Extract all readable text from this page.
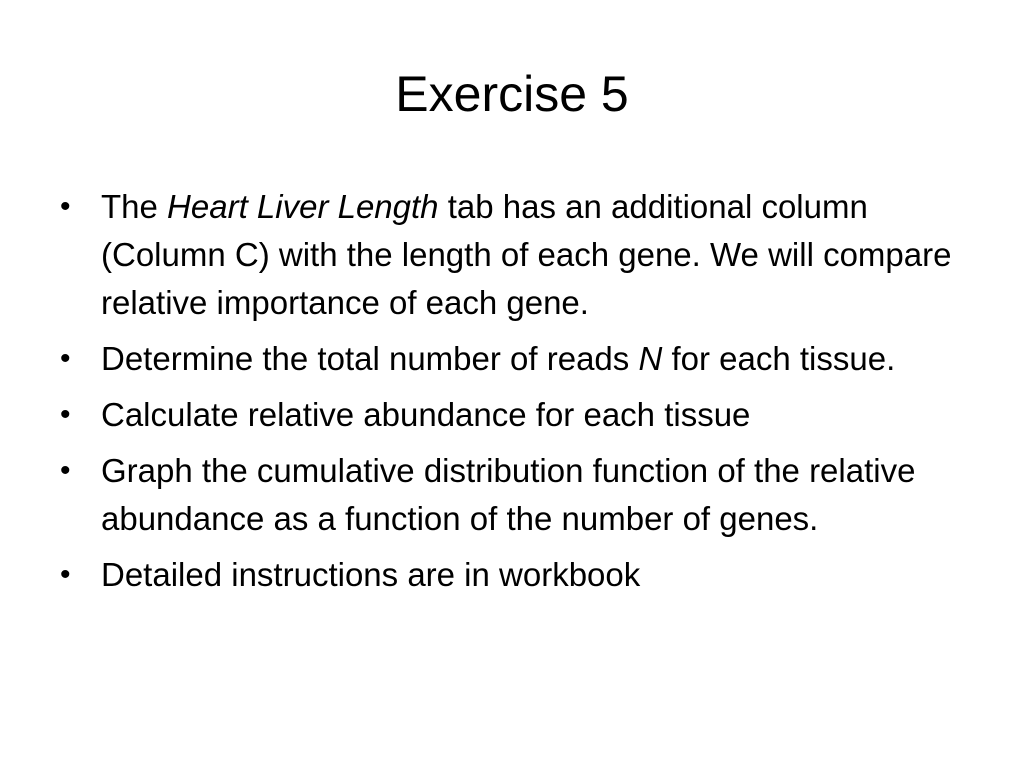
Exercise 5
• The Heart Liver Length tab has an additional column (Column C) with the length of each gene. We will compare relative importance of each gene.
• Determine the total number of reads N for each tissue.
• Calculate relative abundance for each tissue
• Graph the cumulative distribution function of the relative abundance as a function of the number of genes.
• Detailed instructions are in workbook
